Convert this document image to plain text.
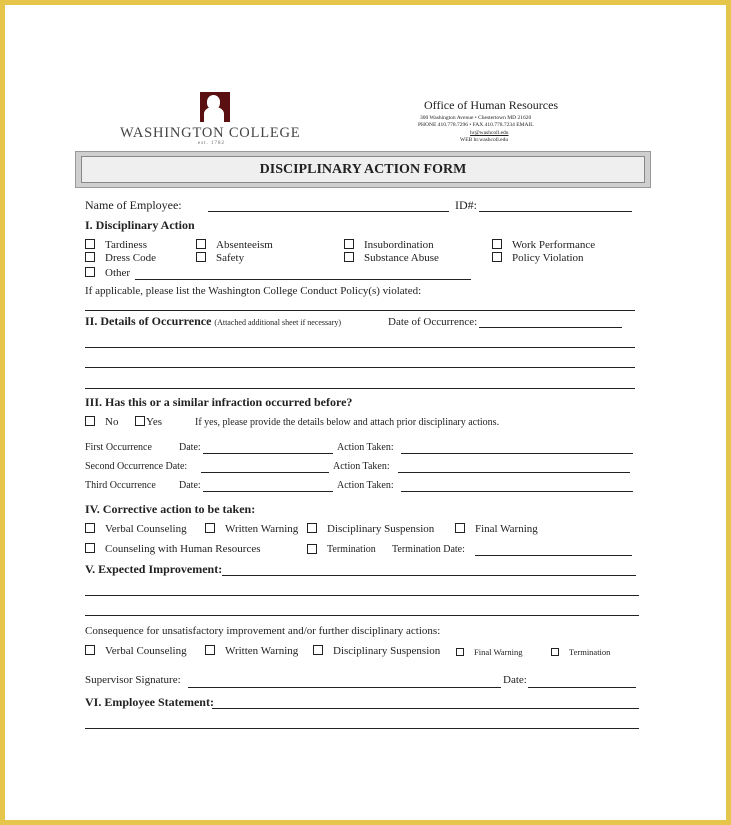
WASHINGTON COLLEGE
est. 1782
Office of Human Resources
300 Washington Avenue • Chestertown MD 21620
PHONE 410.778.7296 • FAX 410.778.7234 EMAIL
hr@washcoll.edu
WEB hr.washcoll.edu
DISCIPLINARY ACTION FORM
Name of Employee:	ID#:
I. Disciplinary Action
Tardiness	Absenteeism	Insubordination	Work Performance
Dress Code	Safety	Substance Abuse	Policy Violation
Other
If applicable, please list the Washington College Conduct Policy(s) violated:
II. Details of Occurrence (Attached additional sheet if necessary)	Date of Occurrence:
III. Has this or a similar infraction occurred before?
No	Yes	If yes, please provide the details below and attach prior disciplinary actions.
First Occurrence	Date:	Action Taken:
Second Occurrence Date:	Action Taken:
Third Occurrence Date:	Action Taken:
IV. Corrective action to be taken:
Verbal Counseling	Written Warning	Disciplinary Suspension	Final Warning
Counseling with Human Resources	Termination Termination Date:
V. Expected Improvement:
Consequence for unsatisfactory improvement and/or further disciplinary actions:
Verbal Counseling	Written Warning	Disciplinary Suspension	Final Warning	Termination
Supervisor Signature:	Date:
VI. Employee Statement:
